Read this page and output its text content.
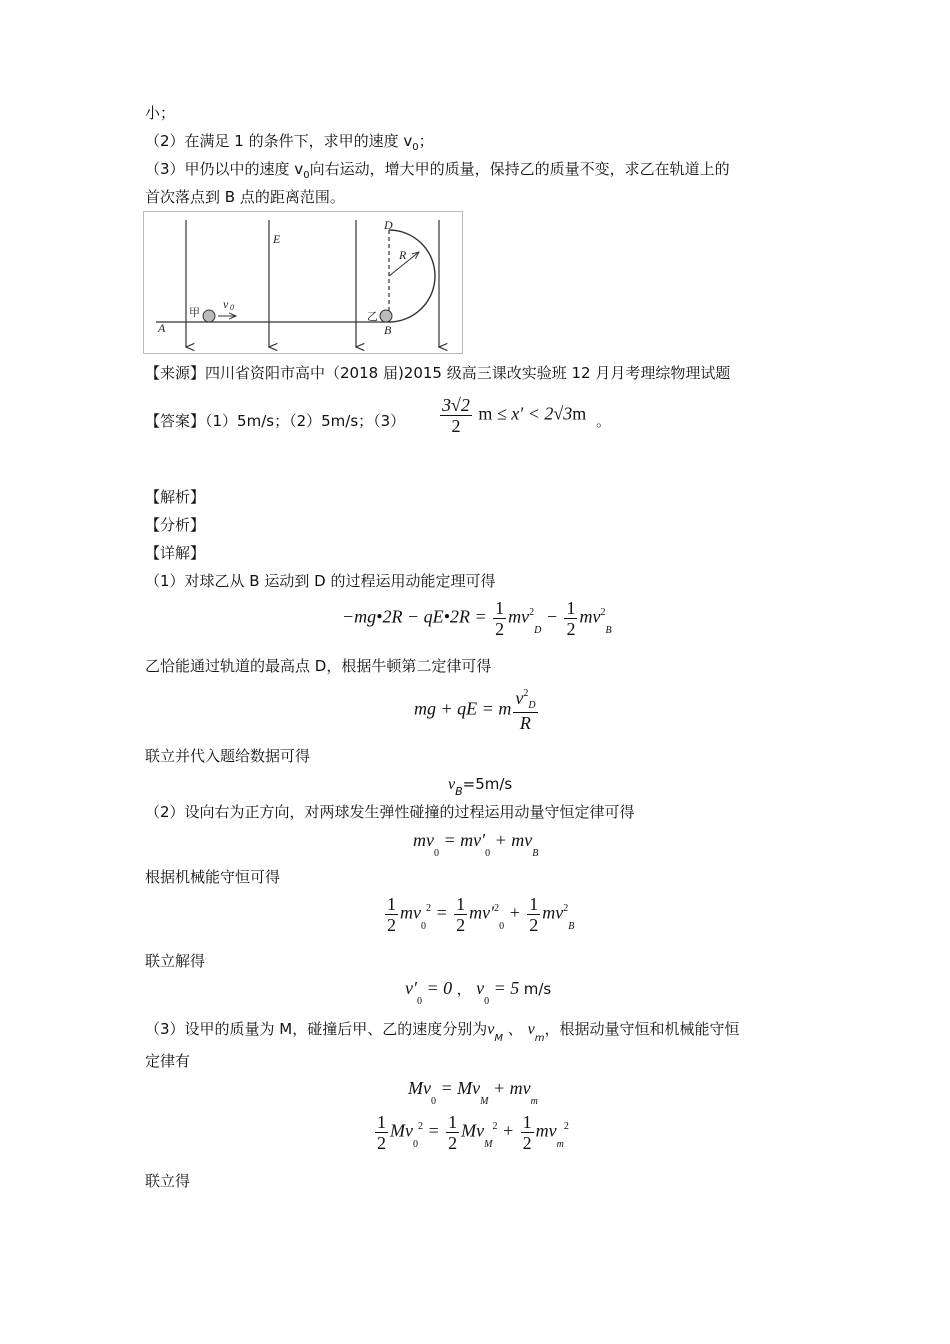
小；
（2）在满足 1 的条件下，求甲的速度 $v_0$；
（3）甲仍以中的速度 $v_0$向右运动，增大甲的质量，保持乙的质量不变，求乙在轨道上的
首次落点到 B 点的距离范围。
E
D
R
v 0
A	B
甲	乙
【来源】四川省资阳市高中（2018 届)2015 级高三课改实验班 12 月月考理综物理试题
【答案】（1）5m/s；（2）5m/s；$(3) \frac{3√2}{2}$ m ≤ x′ < 2√3m 。
【解析】
【分析】
【详解】
（1）对球乙从 B 运动到 D 的过程运用动能定理可得
−mg•2R − qE•2R = $\frac{1}{2} mv^2_D - \frac{1}{2} mv^2_B$
乙恰能通过轨道的最高点 D，根据牛顿第二定律可得
mg + qE = m $\frac{v^2_D}{R}$
联立并代入题给数据可得
$v_B=5m/s$
（2）设向右为正方向，对两球发生弹性碰撞的过程运用动量守恒定律可得
$mv_0 = mv'_0 + mv_B$
根据机械能守恒可得
$\frac{1}{2} mv_0^2 = \frac{1}{2} mv'^2_0 + \frac{1}{2} mv^2_B$
联立解得
$v'_0 = 0$ ， $v_0 = 5$ m/s
（3）设甲的质量为 M，碰撞后甲、乙的速度分别为$v_M$ 、 $v_m$，根据动量守恒和机械能守恒
定律有
$Mv_0 = Mv_M + mv_m$
$\frac{1}{2} Mv_0^2 = \frac{1}{2} Mv_M^2 + \frac{1}{2} mv_m^2$
联立得
